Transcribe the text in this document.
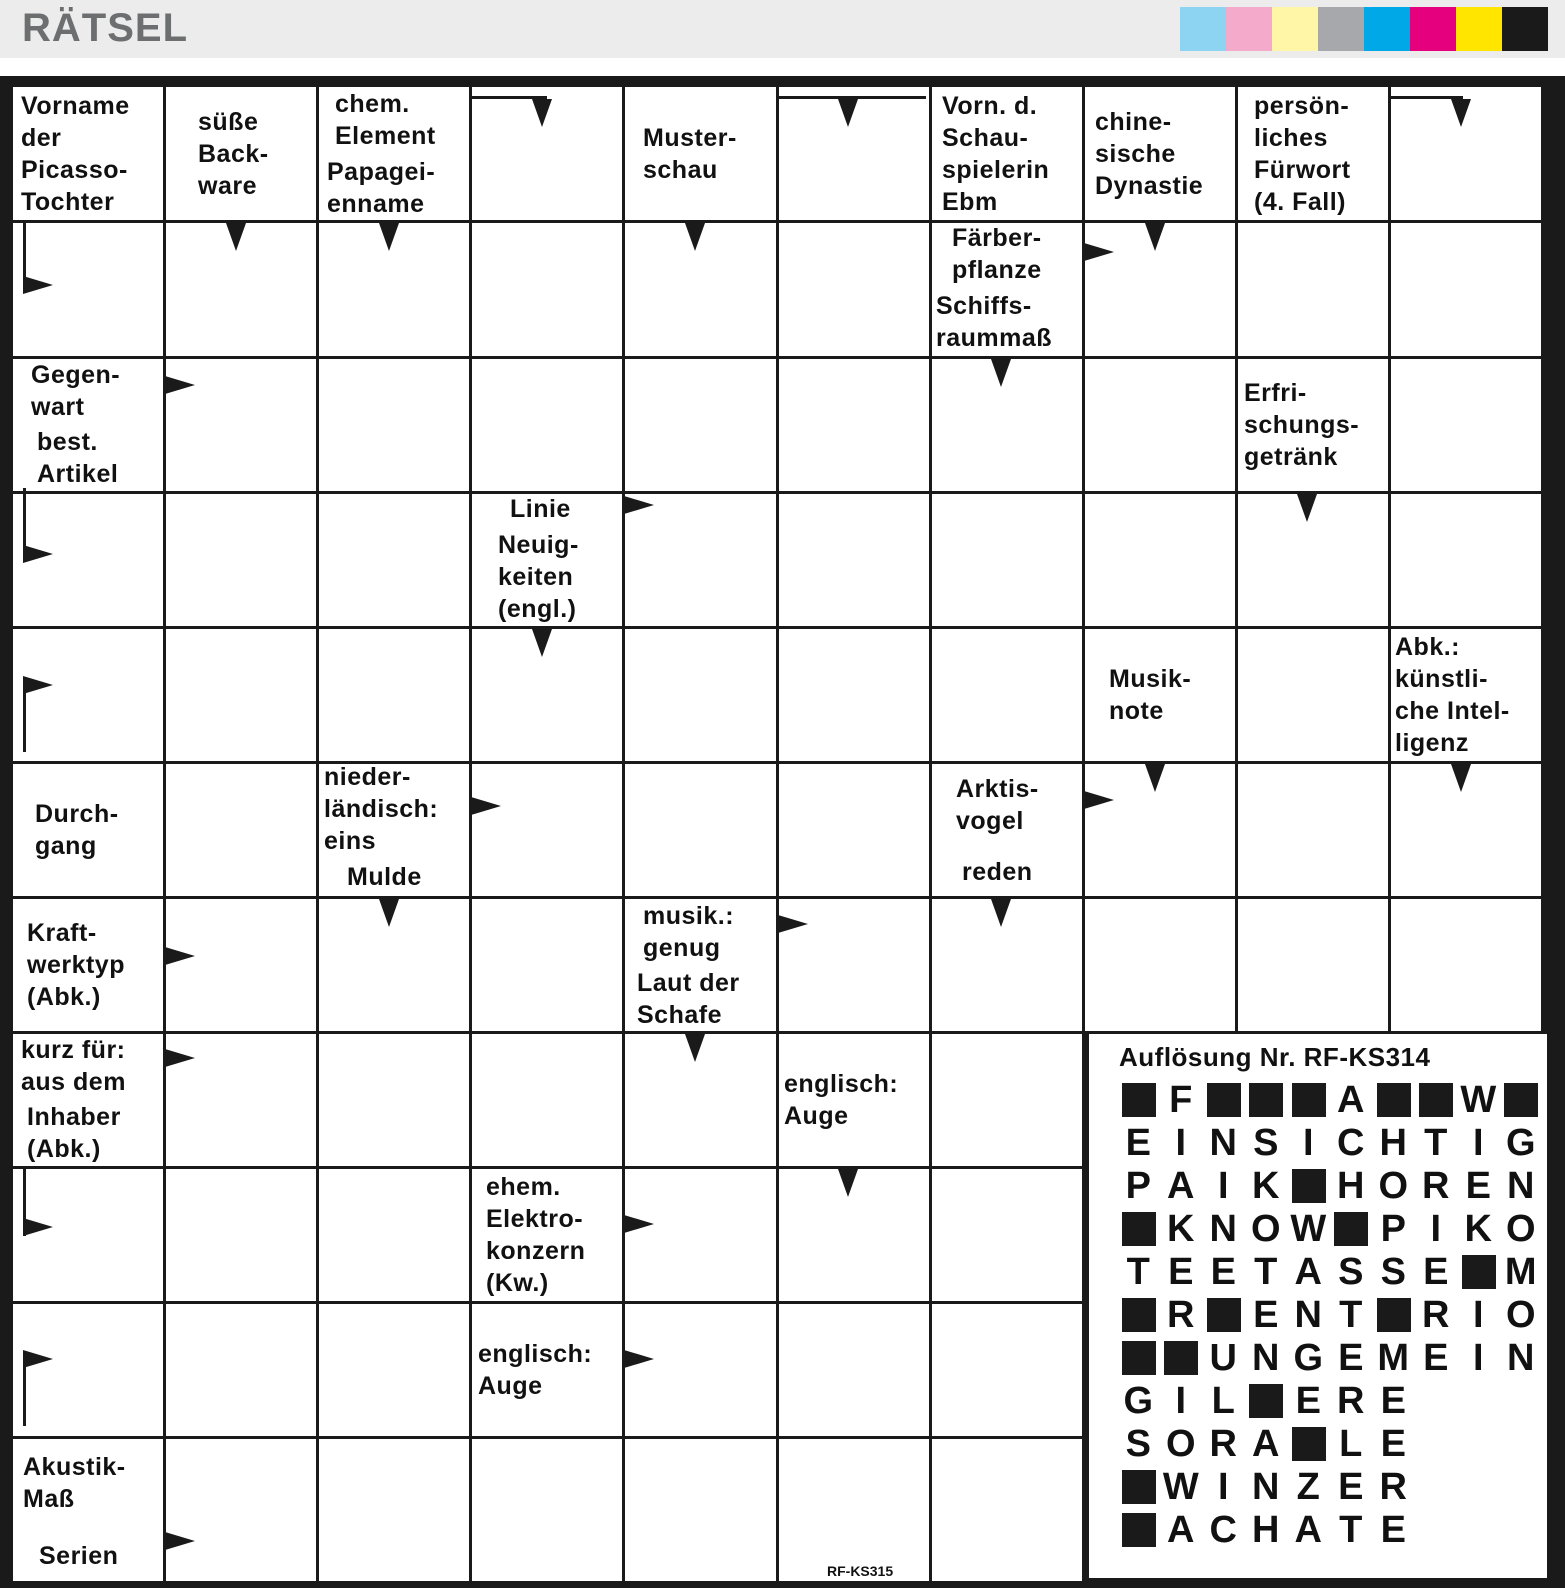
RÄTSEL
Vorname
der
Picasso-
Tochter
süße
Back-
ware
chem.
Element
Papagei-
enname
Muster-
schau
Vorn. d.
Schau-
spielerin
Ebm
chine-
sische
Dynastie
persön-
liches
Fürwort
(4. Fall)
Färber-
pflanze
Schiffs-
raummaß
Gegen-
wart
best.
Artikel
Erfri-
schungs-
getränk
Linie
Neuig-
keiten
(engl.)
Musik-
note
Abk.:
künstli-
che Intel-
ligenz
Durch-
gang
nieder-
ländisch:
eins
Mulde
Arktis-
vogel
reden
Kraft-
werktyp
(Abk.)
musik.:
genug
Laut der
Schafe
kurz für:
aus dem
Inhaber
(Abk.)
englisch:
Auge
ehem.
Elektro-
konzern
(Kw.)
englisch:
Auge
Akustik-
Maß
Serien
Auflösung Nr. RF-KS314
F	A	W
E I N S I C H T I G
P A I K H O R E N
K N O W P I K O
T E E T A S S E M
R E N T R I O
U N G E M E I N
G I L E R E
S O R A L E
W I N Z E R
A C H A T E
RF-KS315
